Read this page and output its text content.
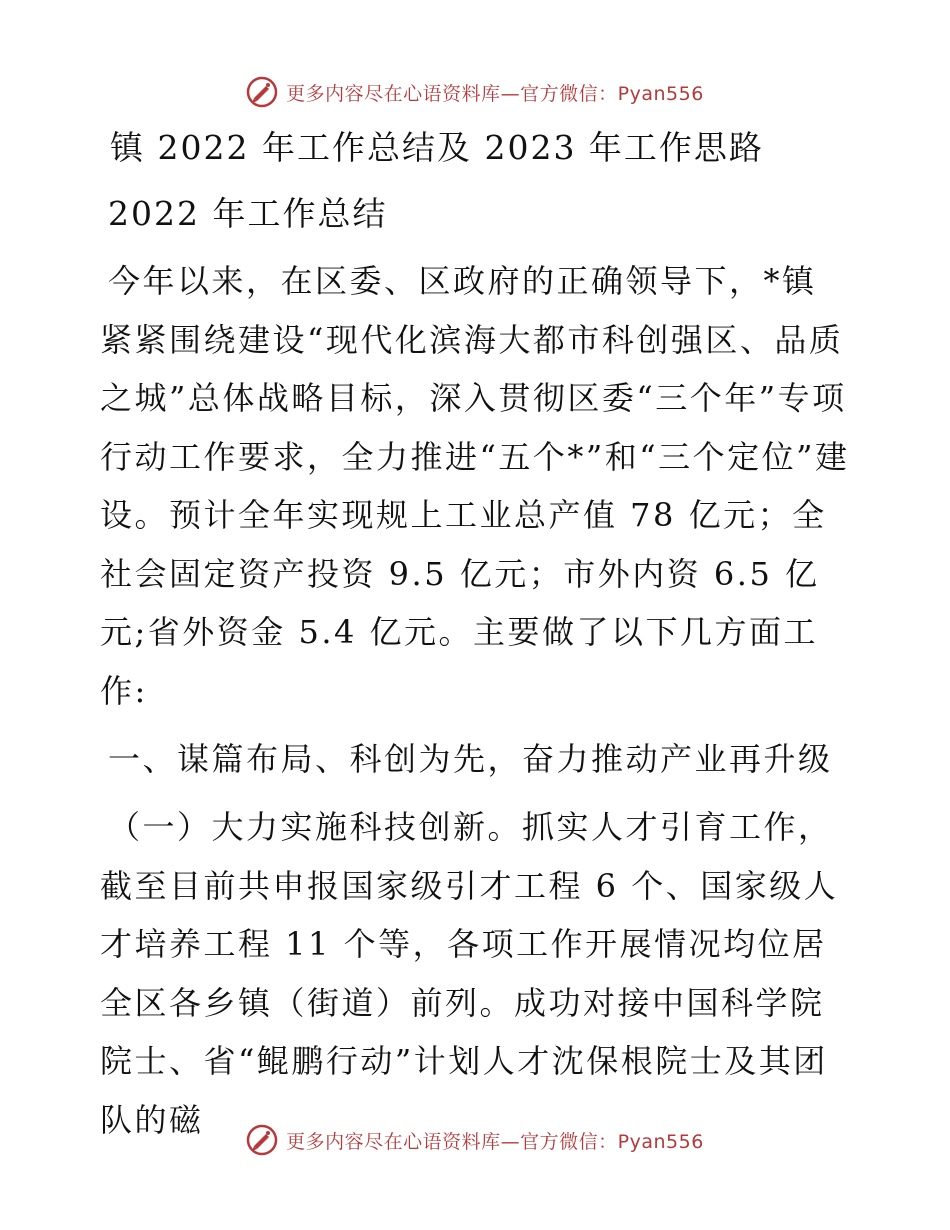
更多内容尽在心语资料库—官方微信：Pyan556
镇 2022 年工作总结及 2023 年工作思路
2022 年工作总结

今年以来，在区委、区政府的正确领导下，*镇紧紧围绕建设“现代化滨海大都市科创强区、品质之城”总体战略目标，深入贯彻区委“三个年”专项行动工作要求，全力推进“五个*”和“三个定位”建设。预计全年实现规上工业总产值 78 亿元；全社会固定资产投资 9.5 亿元；市外内资 6.5 亿元;省外资金 5.4 亿元。主要做了以下几方面工作:

一、谋篇布局、科创为先，奋力推动产业再升级

（一）大力实施科技创新。抓实人才引育工作，截至目前共申报国家级引才工程 6 个、国家级人才培养工程 11 个等，各项工作开展情况均位居全区各乡镇（街道）前列。成功对接中国科学院院士、省“鲲鹏行动”计划人才沈保根院士及其团队的磁

更多内容尽在心语资料库—官方微信：Pyan556
